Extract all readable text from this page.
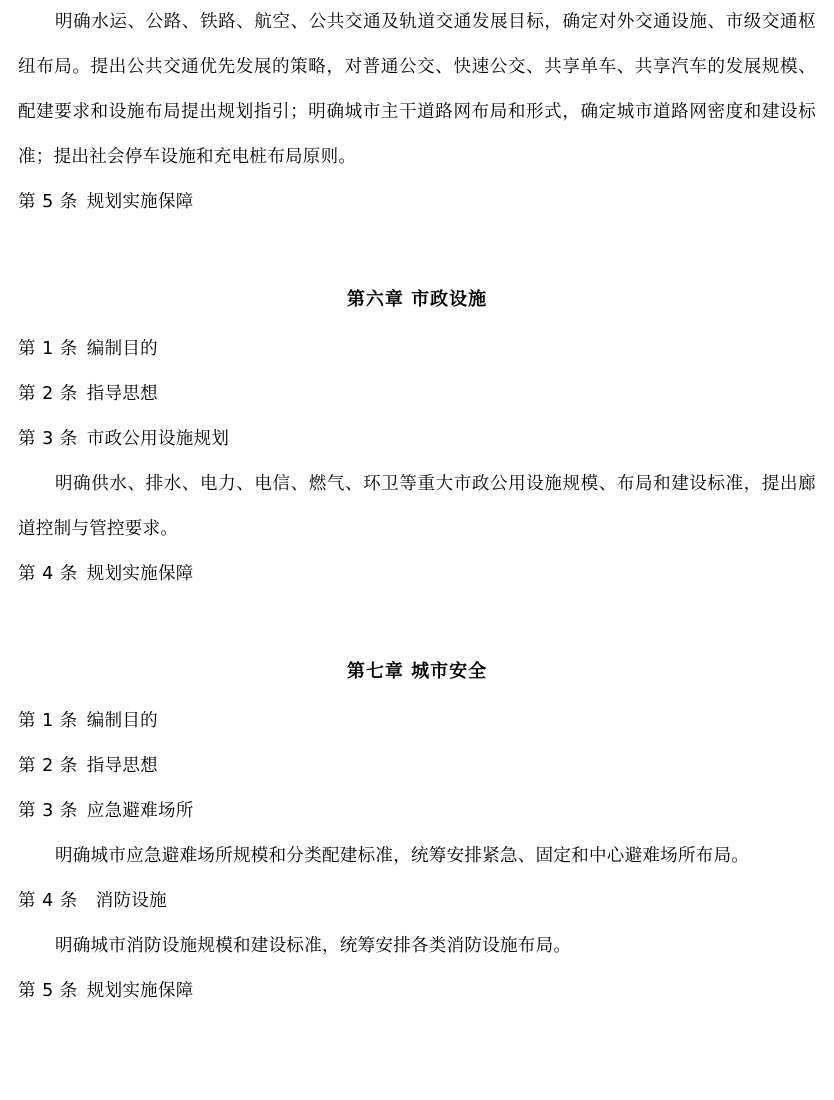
明确水运、公路、铁路、航空、公共交通及轨道交通发展目标，确定对外交通设施、市级交通枢纽布局。提出公共交通优先发展的策略，对普通公交、快速公交、共享单车、共享汽车的发展规模、配建要求和设施布局提出规划指引；明确城市主干道路网布局和形式，确定城市道路网密度和建设标准；提出社会停车设施和充电桩布局原则。

第 5 条 规划实施保障

第六章 市政设施

第 1 条 编制目的

第 2 条 指导思想

第 3 条 市政公用设施规划

明确供水、排水、电力、电信、燃气、环卫等重大市政公用设施规模、布局和建设标准，提出廊道控制与管控要求。

第 4 条 规划实施保障

第七章 城市安全

第 1 条 编制目的

第 2 条 指导思想

第 3 条 应急避难场所

明确城市应急避难场所规模和分类配建标准，统筹安排紧急、固定和中心避难场所布局。

第 4 条 消防设施

明确城市消防设施规模和建设标准，统筹安排各类消防设施布局。

第 5 条 规划实施保障
